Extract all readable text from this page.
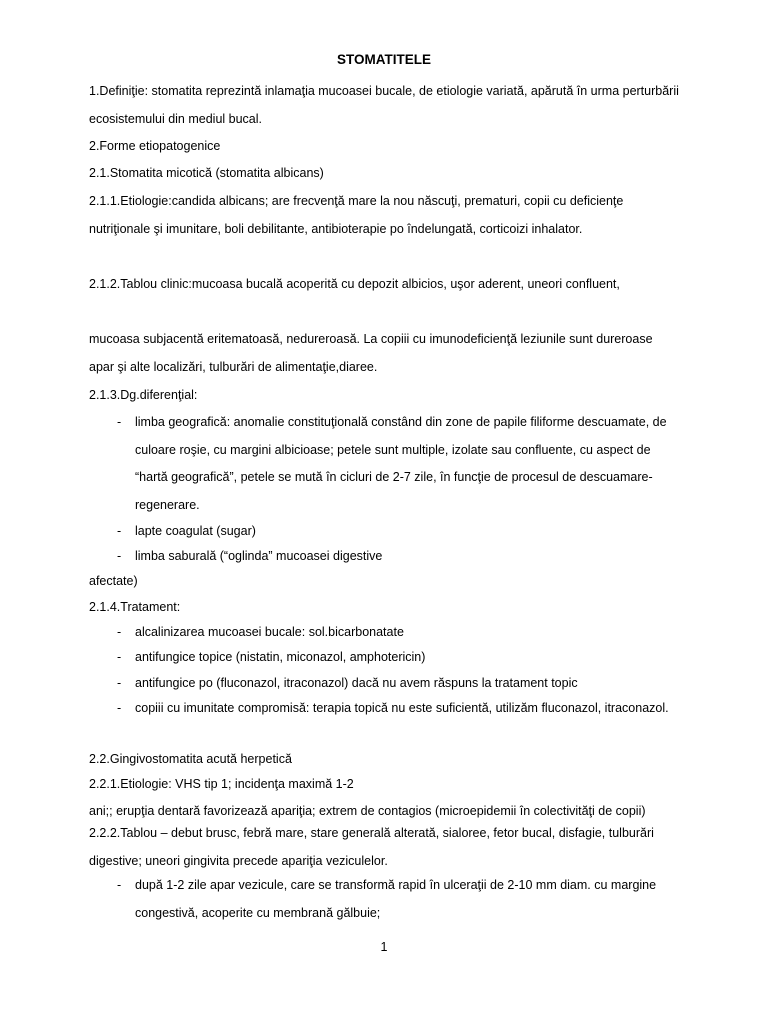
STOMATITELE

1.Definiţie: stomatita reprezintă inlamaţia mucoasei bucale, de etiologie variată, apărută în urma perturbării ecosistemului din mediul bucal.

2.Forme etiopatogenice

2.1.Stomatita micotică (stomatita albicans)

2.1.1.Etiologie:candida albicans; are frecvenţă mare la nou născuţi, prematuri, copii cu deficienţe nutriţionale şi imunitare, boli debilitante, antibioterapie po îndelungată, corticoizi inhalator.

2.1.2.Tablou clinic:mucoasa bucală acoperită cu depozit albicios, uşor aderent, uneori confluent,

mucoasa subjacentă eritematoasă, nedureroasă. La copiii cu imunodeficienţă leziunile sunt dureroase apar şi alte localizări, tulburări de alimentaţie,diaree.

2.1.3.Dg.diferenţial:

- limba geografică: anomalie constituţională constând din zone de papile filiforme descuamate, de culoare roşie, cu margini albicioase; petele sunt multiple, izolate sau confluente, cu aspect de “hartă geografică”, petele se mută în cicluri de 2-7 zile, în funcţie de procesul de descuamare-regenerare.
- lapte coagulat (sugar)
- limba saburală (“oglinda” mucoasei digestive

afectate)

2.1.4.Tratament:

- alcalinizarea mucoasei bucale: sol.bicarbonatate
- antifungice topice (nistatin, miconazol, amphotericin)
- antifungice po (fluconazol, itraconazol) dacă nu avem răspuns la tratament topic
- copiii cu imunitate compromisă: terapia topică nu este suficientă, utilizăm fluconazol, itraconazol.

2.2.Gingivostomatita acută herpetică

2.2.1.Etiologie: VHS tip 1; incidenţa maximă 1-2

ani;; erupţia dentară favorizează apariţia; extrem de contagios (microepidemii în colectivităţi de copii)

2.2.2.Tablou – debut brusc, febră mare, stare generală alterată, sialoree, fetor bucal, disfagie, tulburări digestive; uneori gingivita precede apariţia veziculelor.

- după 1-2 zile apar vezicule, care se transformă rapid în ulceraţii de 2-10 mm diam. cu margine congestivă, acoperite cu membrană gălbuie;
1
